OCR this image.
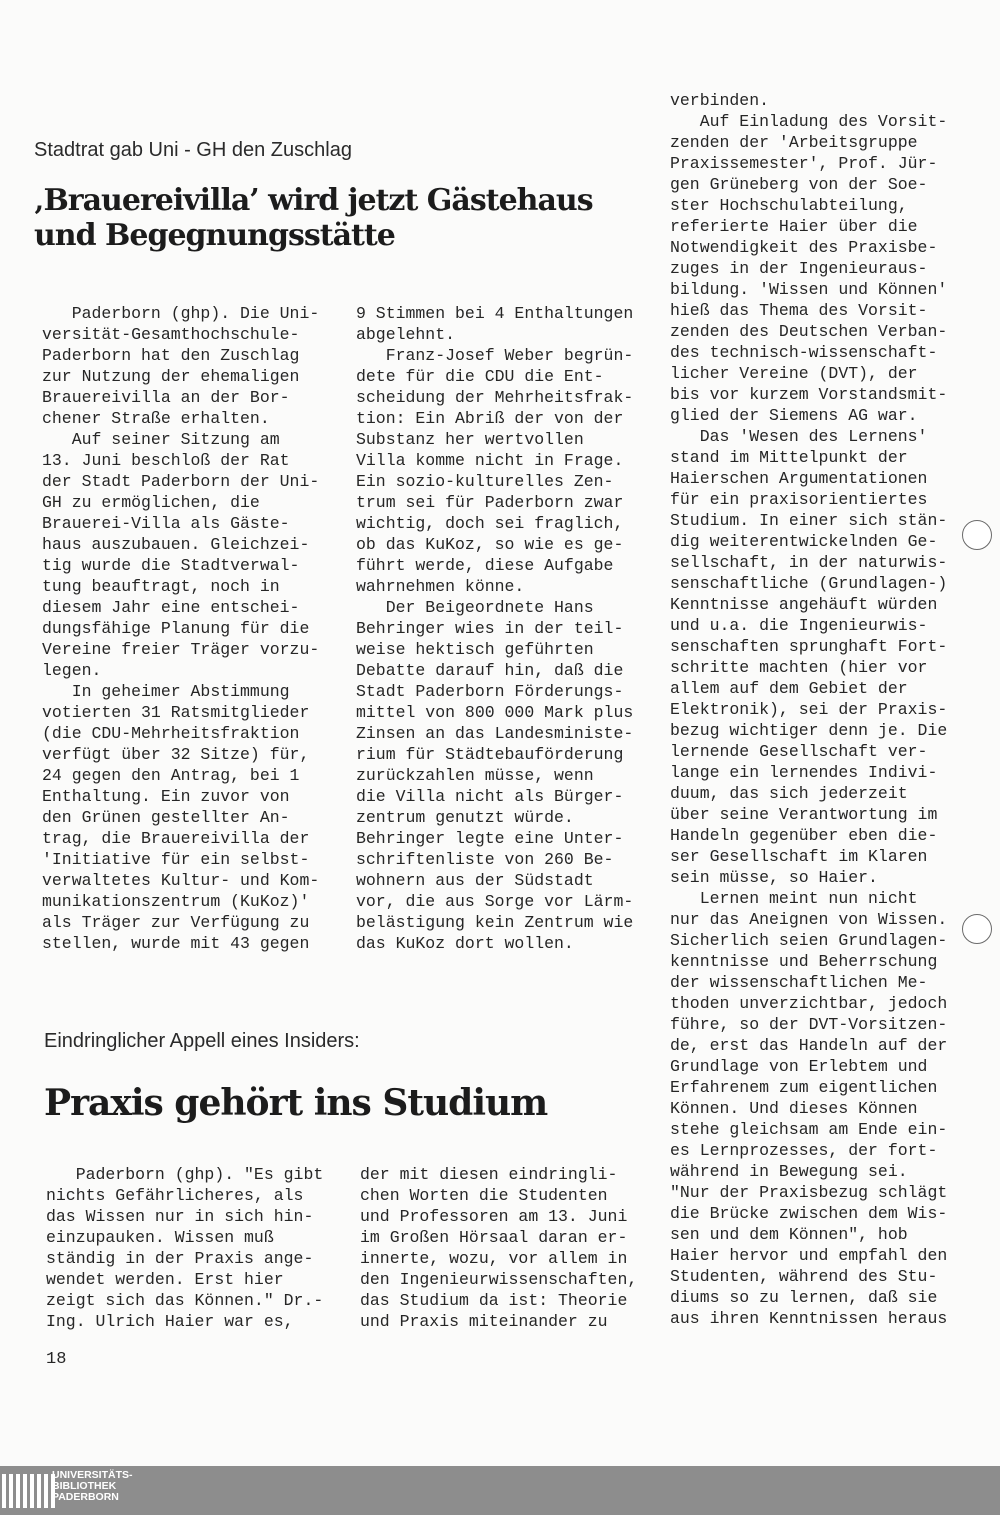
Stadtrat gab Uni - GH den Zuschlag
‚Brauereivilla’ wird jetzt Gästehaus
und Begegnungsstätte
Paderborn (ghp). Die Uni-
versität-Gesamthochschule-
Paderborn hat den Zuschlag
zur Nutzung der ehemaligen
Brauereivilla an der Bor-
chener Straße erhalten.
Auf seiner Sitzung am
13. Juni beschloß der Rat
der Stadt Paderborn der Uni-
GH zu ermöglichen, die
Brauerei-Villa als Gäste-
haus auszubauen. Gleichzei-
tig wurde die Stadtverwal-
tung beauftragt, noch in
diesem Jahr eine entschei-
dungsfähige Planung für die
Vereine freier Träger vorzu-
legen.
In geheimer Abstimmung
votierten 31 Ratsmitglieder
(die CDU-Mehrheitsfraktion
verfügt über 32 Sitze) für,
24 gegen den Antrag, bei 1
Enthaltung. Ein zuvor von
den Grünen gestellter An-
trag, die Brauereivilla der
'Initiative für ein selbst-
verwaltetes Kultur- und Kom-
munikationszentrum (KuKoz)'
als Träger zur Verfügung zu
stellen, wurde mit 43 gegen
9 Stimmen bei 4 Enthaltungen
abgelehnt.
Franz-Josef Weber begrün-
dete für die CDU die Ent-
scheidung der Mehrheitsfrak-
tion: Ein Abriß der von der
Substanz her wertvollen
Villa komme nicht in Frage.
Ein sozio-kulturelles Zen-
trum sei für Paderborn zwar
wichtig, doch sei fraglich,
ob das KuKoz, so wie es ge-
führt werde, diese Aufgabe
wahrnehmen könne.
Der Beigeordnete Hans
Behringer wies in der teil-
weise hektisch geführten
Debatte darauf hin, daß die
Stadt Paderborn Förderungs-
mittel von 800 000 Mark plus
Zinsen an das Landesministe-
rium für Städtebauförderung
zurückzahlen müsse, wenn
die Villa nicht als Bürger-
zentrum genutzt würde.
Behringer legte eine Unter-
schriftenliste von 260 Be-
wohnern aus der Südstadt
vor, die aus Sorge vor Lärm-
belästigung kein Zentrum wie
das KuKoz dort wollen.
Eindringlicher Appell eines Insiders:
Praxis gehört ins Studium
Paderborn (ghp). "Es gibt
nichts Gefährlicheres, als
das Wissen nur in sich hin-
einzupauken. Wissen muß
ständig in der Praxis ange-
wendet werden. Erst hier
zeigt sich das Können." Dr.-
Ing. Ulrich Haier war es,
der mit diesen eindringli-
chen Worten die Studenten
und Professoren am 13. Juni
im Großen Hörsaal daran er-
innerte, wozu, vor allem in
den Ingenieurwissenschaften,
das Studium da ist: Theorie
und Praxis miteinander zu
verbinden.
Auf Einladung des Vorsit-
zenden der 'Arbeitsgruppe
Praxissemester', Prof. Jür-
gen Grüneberg von der Soe-
ster Hochschulabteilung,
referierte Haier über die
Notwendigkeit des Praxisbe-
zuges in der Ingenieuraus-
bildung. 'Wissen und Können'
hieß das Thema des Vorsit-
zenden des Deutschen Verban-
des technisch-wissenschaft-
licher Vereine (DVT), der
bis vor kurzem Vorstandsmit-
glied der Siemens AG war.
Das 'Wesen des Lernens'
stand im Mittelpunkt der
Haierschen Argumentationen
für ein praxisorientiertes
Studium. In einer sich stän-
dig weiterentwickelnden Ge-
sellschaft, in der naturwis-
senschaftliche (Grundlagen-)
Kenntnisse angehäuft würden
und u.a. die Ingenieurwis-
senschaften sprunghaft Fort-
schritte machten (hier vor
allem auf dem Gebiet der
Elektronik), sei der Praxis-
bezug wichtiger denn je. Die
lernende Gesellschaft ver-
lange ein lernendes Indivi-
duum, das sich jederzeit
über seine Verantwortung im
Handeln gegenüber eben die-
ser Gesellschaft im Klaren
sein müsse, so Haier.
Lernen meint nun nicht
nur das Aneignen von Wissen.
Sicherlich seien Grundlagen-
kenntnisse und Beherrschung
der wissenschaftlichen Me-
thoden unverzichtbar, jedoch
führe, so der DVT-Vorsitzen-
de, erst das Handeln auf der
Grundlage von Erlebtem und
Erfahrenem zum eigentlichen
Können. Und dieses Können
stehe gleichsam am Ende ein-
es Lernprozesses, der fort-
während in Bewegung sei.
"Nur der Praxisbezug schlägt
die Brücke zwischen dem Wis-
sen und dem Können", hob
Haier hervor und empfahl den
Studenten, während des Stu-
diums so zu lernen, daß sie
aus ihren Kenntnissen heraus
18
UNIVERSITÄTS-
BIBLIOTHEK
PADERBORN
